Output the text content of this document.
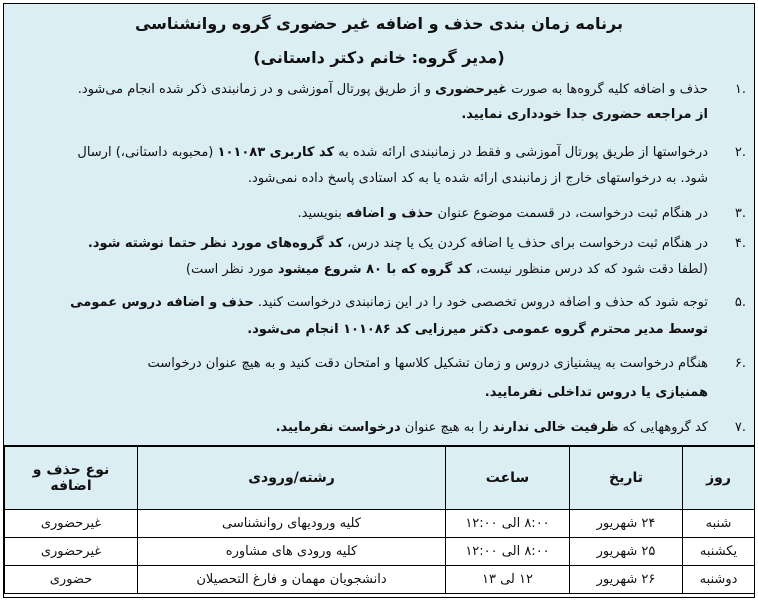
برنامه زمان بندی حذف و اضافه غیر حضوری گروه روانشناسی
(مدیر گروه: خانم دکتر داستانی)
.۱
حذف و اضافه کلیه گروه‌ها به صورت غیرحضوری و از طریق پورتال آموزشی و در زمانبندی ذکر شده انجام می‌شود.
از مراجعه حضوری جدا خودداری نمایید.
.۲
درخواستها از طریق پورتال آموزشی و فقط در زمانبندی ارائه شده به کد کاربری ۱۰۱۰۸۳ (محبوبه داستانی،) ارسال
شود. به درخواستهای خارج از زمانبندی ارائه شده یا به کد استادی پاسخ داده نمی‌شود.
.۳
در هنگام ثبت درخواست، در قسمت موضوع عنوان حذف و اضافه بنویسید.
.۴
در هنگام ثبت درخواست برای حذف یا اضافه کردن یک یا چند درس، کد گروه‌های مورد نظر حتما نوشته شود.
(لطفا دقت شود که کد درس منظور نیست، کد گروه که با ۸۰ شروع میشود مورد نظر است)
.۵
توجه شود که حذف و اضافه دروس تخصصی خود را در این زمانبندی درخواست کنید. حذف و اضافه دروس عمومی
توسط مدیر محترم گروه عمومی دکتر میرزایی کد ۱۰۱۰۸۶ انجام می‌شود.
.۶
هنگام درخواست به پیشنیازی دروس و زمان تشکیل کلاسها و امتحان دقت کنید و به هیچ عنوان درخواست
همنیازی یا دروس تداخلی نفرمایید.
.۷
کد گروههایی که ظرفیت خالی ندارند را به هیچ عنوان درخواست نفرمایید.
روز	تاریخ	ساعت	رشته/ورودی	نوع حذف و اضافه
شنبه	۲۴ شهریور	۸:۰۰ الی ۱۲:۰۰	کلیه ورودیهای روانشناسی	غیرحضوری
یکشنبه	۲۵ شهریور	۸:۰۰ الی ۱۲:۰۰	کلیه ورودی های مشاوره	غیرحضوری
دوشنبه	۲۶ شهریور	۱۲ لی ۱۳	دانشجویان مهمان و فارغ التحصیلان	حضوری
